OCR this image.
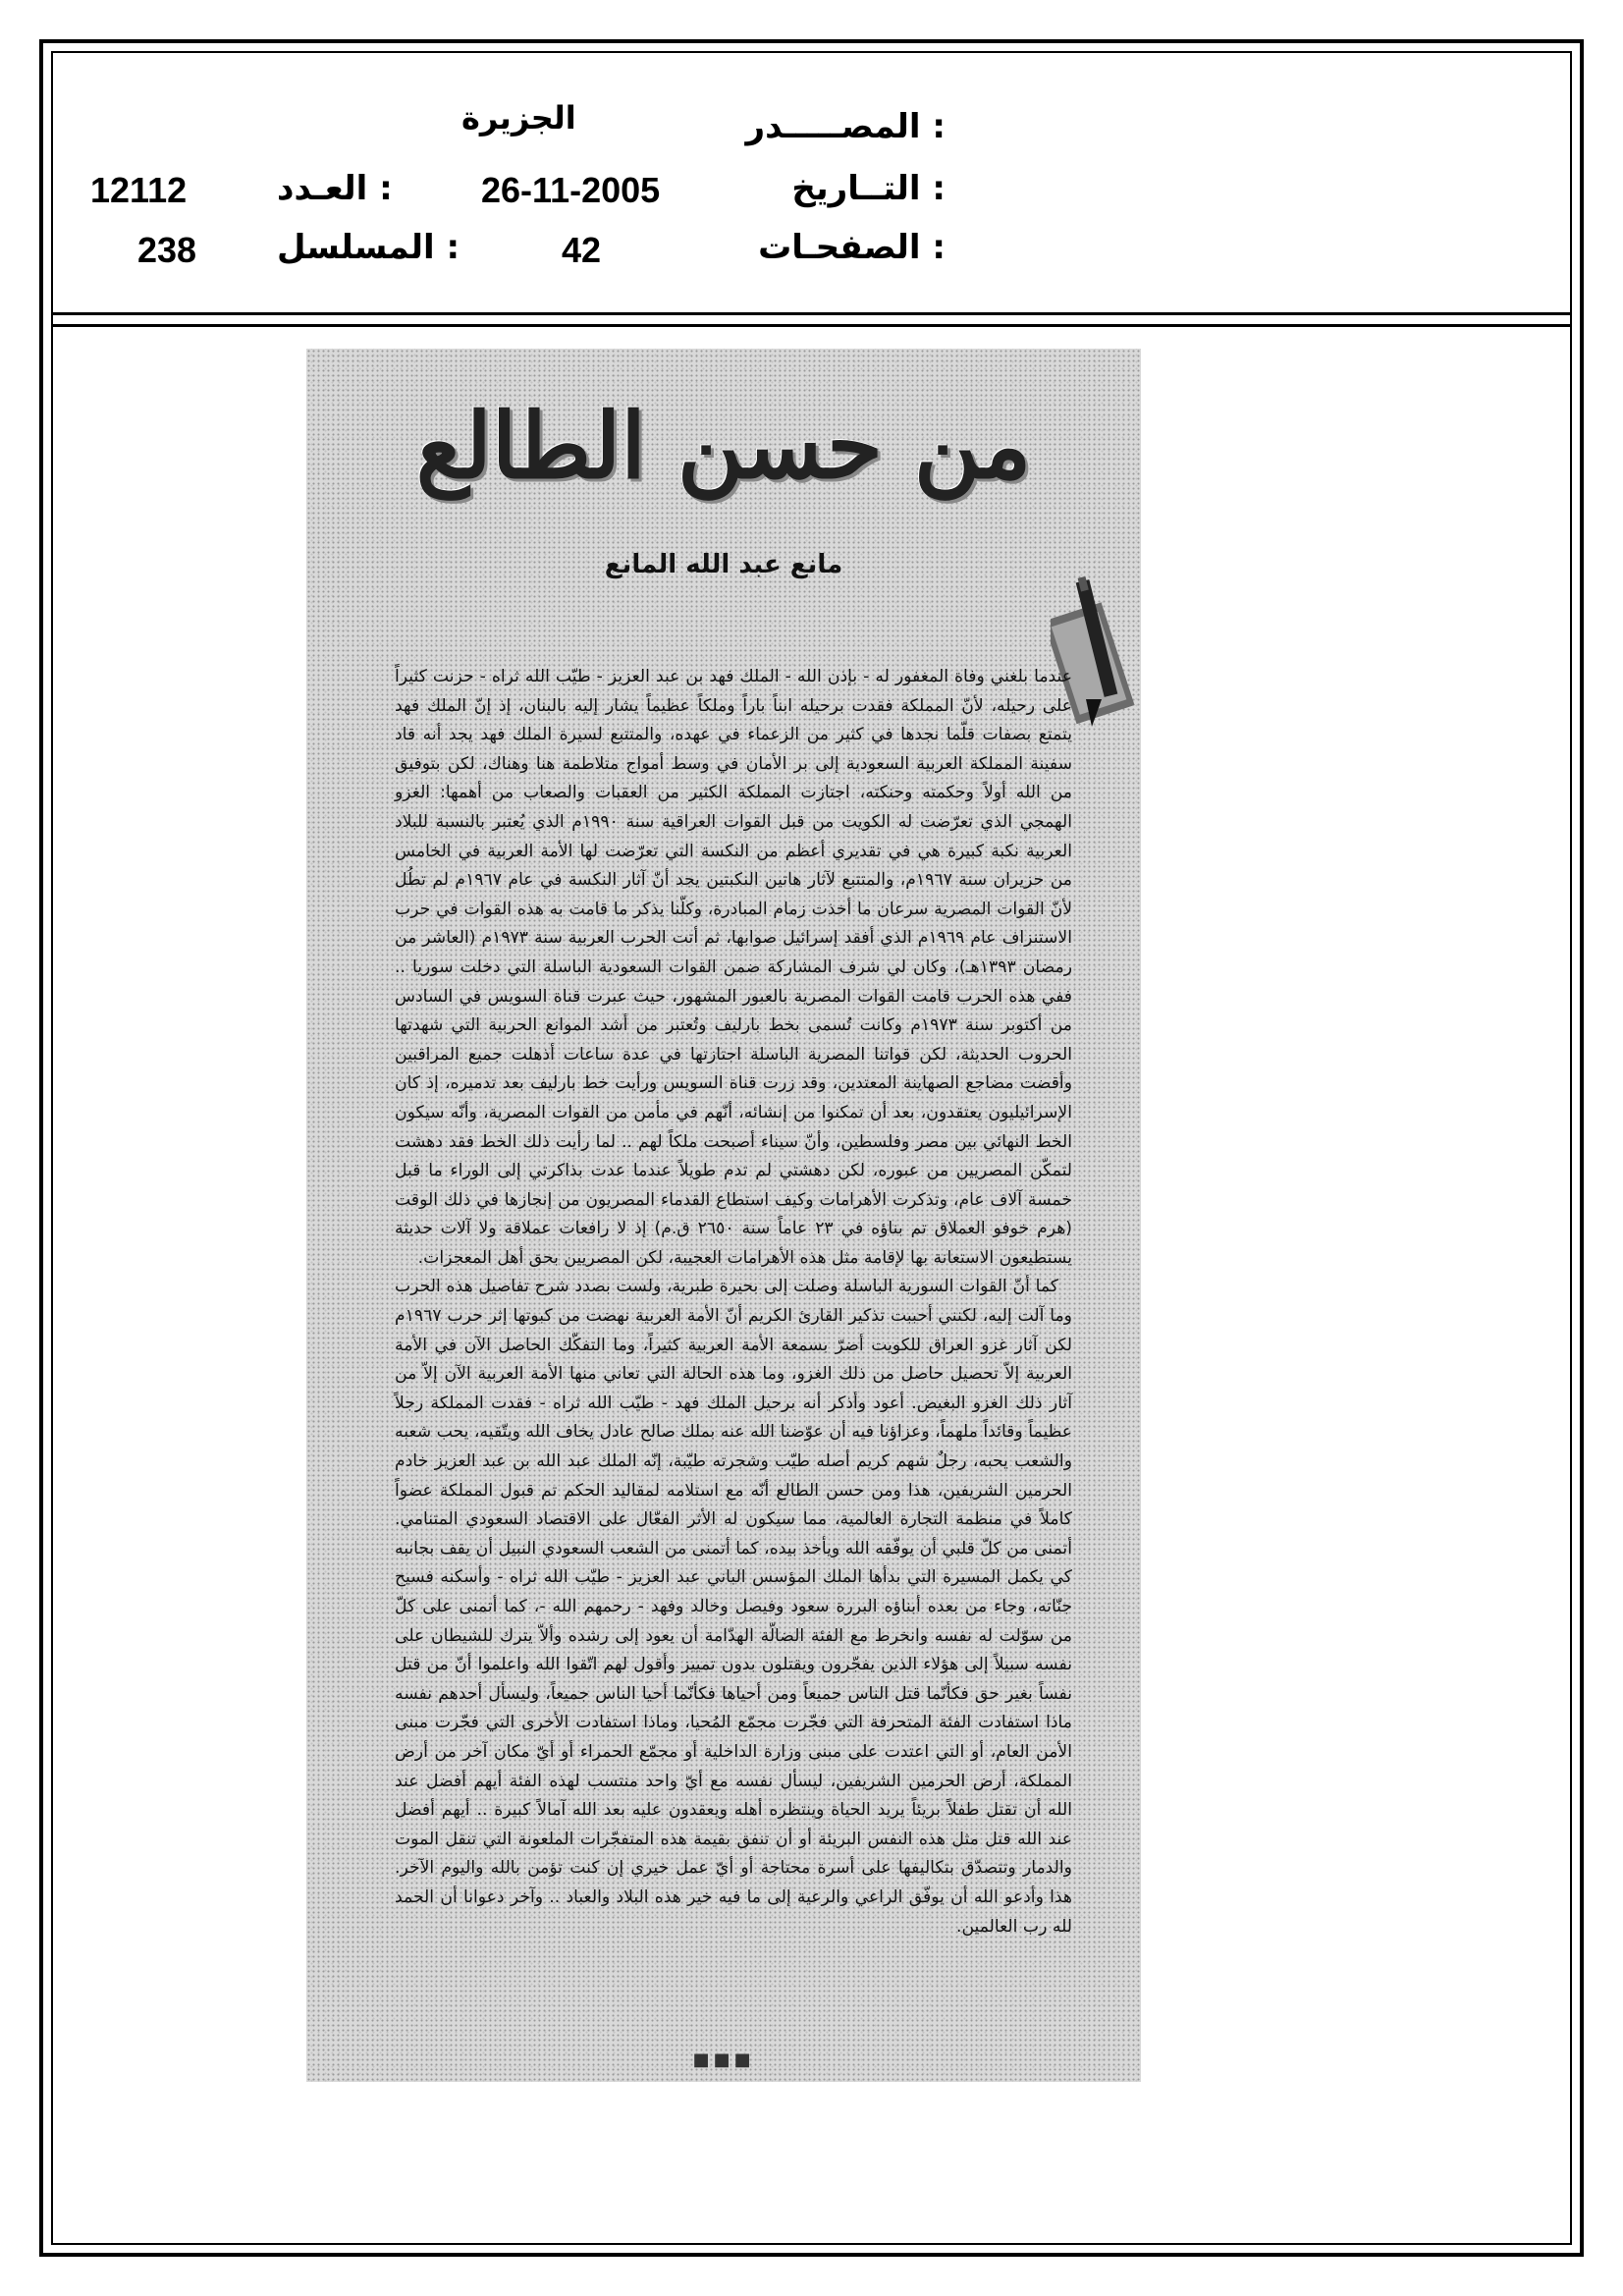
المصـــــدر :
الجزيرة
التــاريخ :
26-11-2005
الصفحـات :
42
العـدد :
12112
المسلسل :
238
من حسن الطالع
مانع عبد الله المانع

عندما بلغني وفاة المغفور له - بإذن الله - الملك فهد بن عبد العزيز - طيّب الله ثراه - حزنت كثيراً على رحيله، لأنّ المملكة فقدت برحيله ابناً باراً وملكاً عظيماً يشار إليه بالبنان، إذ إنّ الملك فهد يتمتع بصفات قلّما نجدها في كثير من الزعماء في عهده، والمتتبع لسيرة الملك فهد يجد أنه قاد سفينة المملكة العربية السعودية إلى بر الأمان في وسط أمواج متلاطمة هنا وهناك، لكن بتوفيق من الله أولاً وحكمته وحنكته، اجتازت المملكة الكثير من العقبات والصعاب من أهمها: الغزو الهمجي الذي تعرّضت له الكويت من قبل القوات العراقية سنة ١٩٩٠م الذي يُعتبر بالنسبة للبلاد العربية نكبة كبيرة هي في تقديري أعظم من النكسة التي تعرّضت لها الأمة العربية في الخامس من حزيران سنة ١٩٦٧م، والمتتبع لآثار هاتين النكبتين يجد أنّ آثار النكسة في عام ١٩٦٧م لم تطُل لأنّ القوات المصرية سرعان ما أخذت زمام المبادرة، وكلّنا يذكر ما قامت به هذه القوات في حرب الاستنزاف عام ١٩٦٩م الذي أفقد إسرائيل صوابها، ثم أتت الحرب العربية سنة ١٩٧٣م (العاشر من رمضان ١٣٩٣هـ)، وكان لي شرف المشاركة ضمن القوات السعودية الباسلة التي دخلت سوريا .. ففي هذه الحرب قامت القوات المصرية بالعبور المشهور، حيث عبرت قناة السويس في السادس من أكتوبر سنة ١٩٧٣م وكانت تُسمى بخط بارليف وتُعتبر من أشد الموانع الحربية التي شهدتها الحروب الحديثة، لكن قواتنا المصرية الباسلة اجتازتها في عدة ساعات أذهلت جميع المراقبين وأقضت مضاجع الصهاينة المعتدين، وقد زرت قناة السويس ورأيت خط بارليف بعد تدميره، إذ كان الإسرائيليون يعتقدون، بعد أن تمكنوا من إنشائه، أنّهم في مأمن من القوات المصرية، وأنّه سيكون الخط النهائي بين مصر وفلسطين، وأنّ سيناء أصبحت ملكاً لهم .. لما رأيت ذلك الخط فقد دهشت لتمكّن المصريين من عبوره، لكن دهشتي لم تدم طويلاً عندما عدت بذاكرتي إلى الوراء ما قبل خمسة آلاف عام، وتذكرت الأهرامات وكيف استطاع القدماء المصريون من إنجازها في ذلك الوقت (هرم خوفو العملاق تم بناؤه في ٢٣ عاماً سنة ٢٦٥٠ ق.م) إذ لا رافعات عملاقة ولا آلات حديثة يستطيعون الاستعانة بها لإقامة مثل هذه الأهرامات العجيبة، لكن المصريين بحق أهل المعجزات.

كما أنّ القوات السورية الباسلة وصلت إلى بحيرة طبرية، ولست بصدد شرح تفاصيل هذه الحرب وما آلت إليه، لكنني أحببت تذكير القارئ الكريم أنّ الأمة العربية نهضت من كبوتها إثر حرب ١٩٦٧م لكن آثار غزو العراق للكويت أضرّ بسمعة الأمة العربية كثيراً، وما التفكّك الحاصل الآن في الأمة العربية إلاّ تحصيل حاصل من ذلك الغزو، وما هذه الحالة التي تعاني منها الأمة العربية الآن إلاّ من آثار ذلك الغزو البغيض. أعود وأذكر أنه برحيل الملك فهد - طيّب الله ثراه - فقدت المملكة رجلاً عظيماً وقائداً ملهماً، وعزاؤنا فيه أن عوّضنا الله عنه بملك صالح عادل يخاف الله ويتّقيه، يحب شعبه والشعب يحبه، رجلٌ شهم كريم أصله طيّب وشجرته طيّبة، إنّه الملك عبد الله بن عبد العزيز خادم الحرمين الشريفين، هذا ومن حسن الطالع أنّه مع استلامه لمقاليد الحكم تم قبول المملكة عضواً كاملاً في منظمة التجارة العالمية، مما سيكون له الأثر الفعّال على الاقتصاد السعودي المتنامي. أتمنى من كلّ قلبي أن يوفّقه الله ويأخذ بيده، كما أتمنى من الشعب السعودي النبيل أن يقف بجانبه كي يكمل المسيرة التي بدأها الملك المؤسس الباني عبد العزيز - طيّب الله ثراه - وأسكنه فسيح جنّاته، وجاء من بعده أبناؤه البررة سعود وفيصل وخالد وفهد - رحمهم الله -، كما أتمنى على كلّ من سوّلت له نفسه وانخرط مع الفئة الضالّة الهدّامة أن يعود إلى رشده وألاّ يترك للشيطان على نفسه سبيلاً إلى هؤلاء الذين يفجّرون ويقتلون بدون تمييز وأقول لهم اتّقوا الله واعلموا أنّ من قتل نفساً بغير حق فكأنّما قتل الناس جميعاً ومن أحياها فكأنّما أحيا الناس جميعاً، وليسأل أحدهم نفسه ماذا استفادت الفئة المتحرفة التي فجّرت مجمّع المُحيا، وماذا استفادت الأخرى التي فجّرت مبنى الأمن العام، أو التي اعتدت على مبنى وزارة الداخلية أو مجمّع الحمراء أو أيّ مكان آخر من أرض المملكة، أرض الحرمين الشريفين، ليسأل نفسه مع أيّ واحد منتسب لهذه الفئة أيهم أفضل عند الله أن تقتل طفلاً بريئاً يريد الحياة وينتظره أهله ويعقدون عليه بعد الله آمالاً كبيرة .. أيهم أفضل عند الله قتل مثل هذه النفس البريئة أو أن تنفق بقيمة هذه المتفجّرات الملعونة التي تنقل الموت والدمار وتتصدّق بتكاليفها على أسرة محتاجة أو أيّ عمل خيري إن كنت تؤمن بالله واليوم الآخر. هذا وأدعو الله أن يوفّق الراعي والرعية إلى ما فيه خير هذه البلاد والعباد .. وآخر دعوانا أن الحمد لله رب العالمين.

■■■
